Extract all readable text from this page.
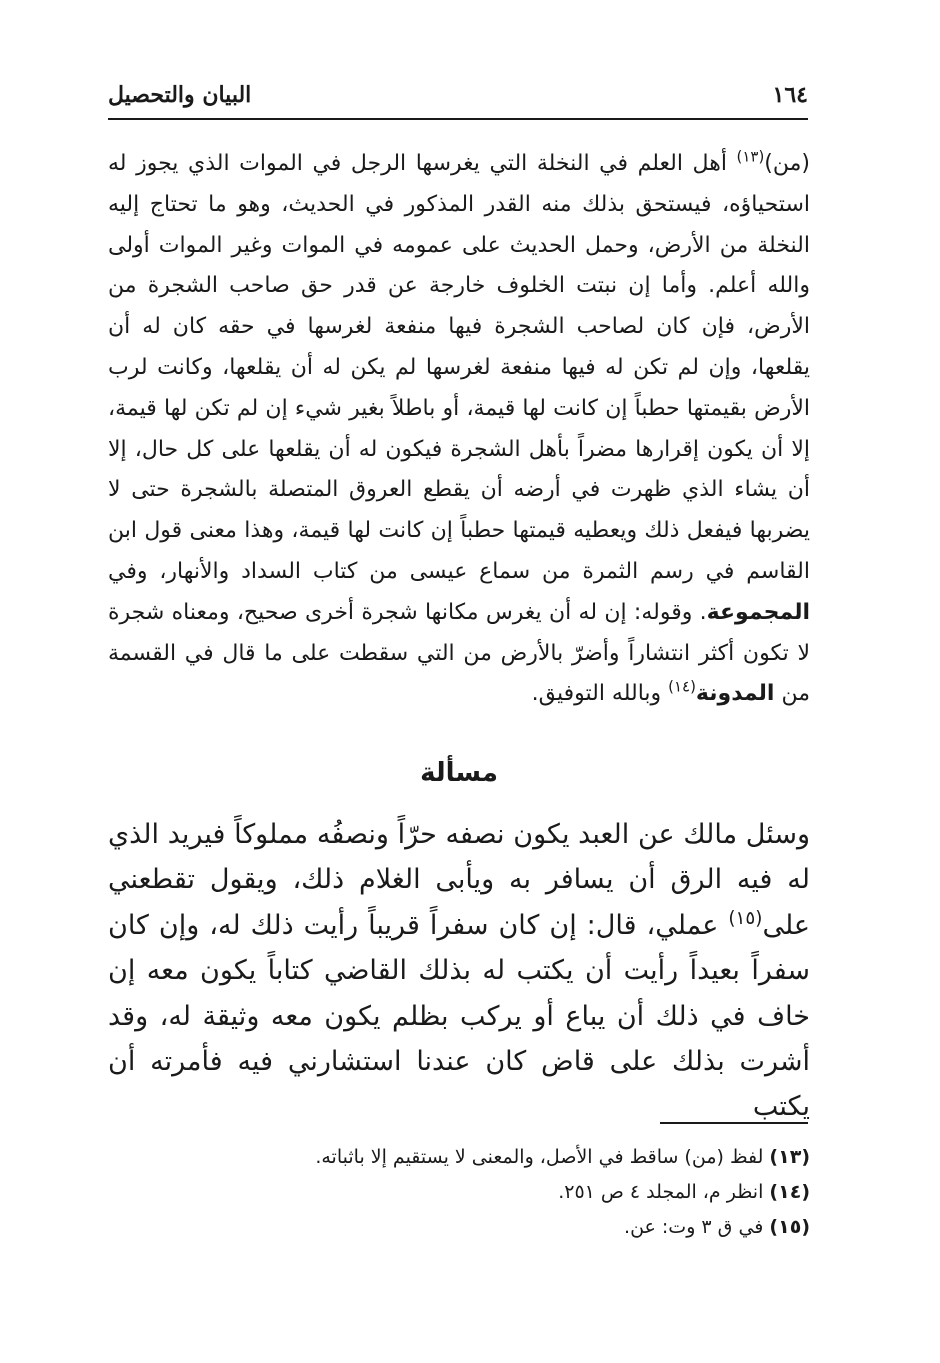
١٦٤
البيان والتحصيل

(من)$^{(١٣)}$ أهل العلم في النخلة التي يغرسها الرجل في الموات الذي يجوز له استحياؤه، فيستحق بذلك منه القدر المذكور في الحديث، وهو ما تحتاج إليه النخلة من الأرض، وحمل الحديث على عمومه في الموات وغير الموات أولى والله أعلم. وأما إن نبتت الخلوف خارجة عن قدر حق صاحب الشجرة من الأرض، فإن كان لصاحب الشجرة فيها منفعة لغرسها في حقه كان له أن يقلعها، وإن لم تكن له فيها منفعة لغرسها لم يكن له أن يقلعها، وكانت لرب الأرض بقيمتها حطباً إن كانت لها قيمة، أو باطلاً بغير شيء إن لم تكن لها قيمة، إلا أن يكون إقرارها مضراً بأهل الشجرة فيكون له أن يقلعها على كل حال، إلا أن يشاء الذي ظهرت في أرضه أن يقطع العروق المتصلة بالشجرة حتى لا يضربها فيفعل ذلك ويعطيه قيمتها حطباً إن كانت لها قيمة، وهذا معنى قول ابن القاسم في رسم الثمرة من سماع عيسى من كتاب السداد والأنهار، وفي المجموعة. وقوله: إن له أن يغرس مكانها شجرة أخرى صحيح، ومعناه شجرة لا تكون أكثر انتشاراً وأضرّ بالأرض من التي سقطت على ما قال في القسمة من المدونة$^{(١٤)}$ وبالله التوفيق.

مسألة

وسئل مالك عن العبد يكون نصفه حرّاً ونصفُه مملوكاً فيريد الذي له فيه الرق أن يسافر به ويأبى الغلام ذلك، ويقول تقطعني على$^{(١٥)}$ عملي، قال: إن كان سفراً قريباً رأيت ذلك له، وإن كان سفراً بعيداً رأيت أن يكتب له بذلك القاضي كتاباً يكون معه إن خاف في ذلك أن يباع أو يركب بظلم يكون معه وثيقة له، وقد أشرت بذلك على قاض كان عندنا استشارني فيه فأمرته أن يكتب

(١٣) لفظ (من) ساقط في الأصل، والمعنى لا يستقيم إلا باثباته.

(١٤) انظر م، المجلد ٤ ص ٢٥١.

(١٥) في ق ٣ وت: عن.
